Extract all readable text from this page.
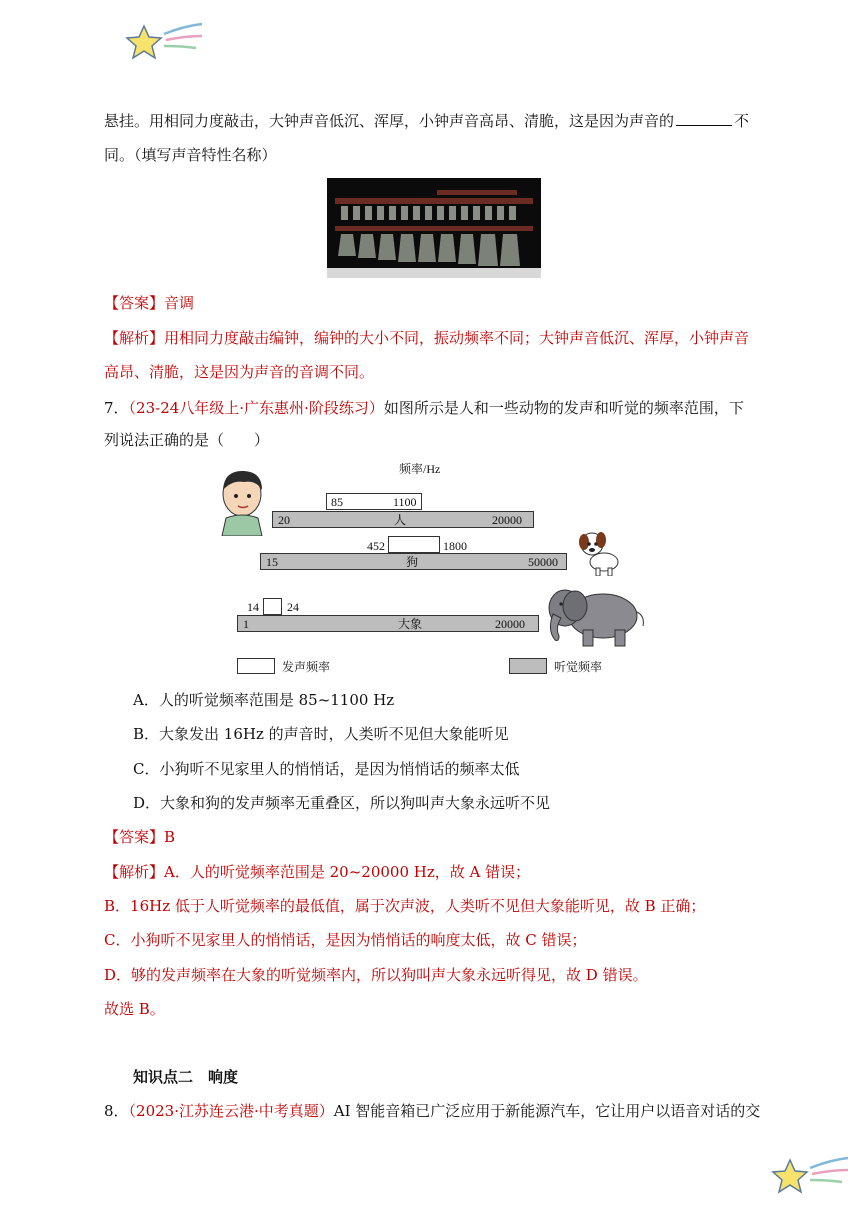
悬挂。用相同力度敲击，大钟声音低沉、浑厚，小钟声音高昂、清脆，这是因为声音的	不
同。（填写声音特性名称）
【答案】音调
【解析】用相同力度敲击编钟，编钟的大小不同，振动频率不同；大钟声音低沉、浑厚，小钟声音
高昂、清脆，这是因为声音的音调不同。
7．（23-24八年级上·广东惠州·阶段练习）如图所示是人和一些动物的发声和听觉的频率范围，下
列说法正确的是（　　）
频率/Hz
85	1100
20	人	20000
452	1800
15	狗	50000
14 24
1	大象	20000
发声频率	听觉频率
A．人的听觉频率范围是 85~1100 Hz
B．大象发出 16Hz 的声音时，人类听不见但大象能听见
C．小狗听不见家里人的悄悄话，是因为悄悄话的频率太低
D．大象和狗的发声频率无重叠区，所以狗叫声大象永远听不见
【答案】B
【解析】A．人的听觉频率范围是 20~20000 Hz，故 A 错误；
B．16Hz 低于人听觉频率的最低值，属于次声波，人类听不见但大象能听见，故 B 正确；
C．小狗听不见家里人的悄悄话，是因为悄悄话的响度太低，故 C 错误；
D．够的发声频率在大象的听觉频率内，所以狗叫声大象永远听得见，故 D 错误。
故选 B。
知识点二　响度
8．（2023·江苏连云港·中考真题）AI 智能音箱已广泛应用于新能源汽车，它让用户以语音对话的交
